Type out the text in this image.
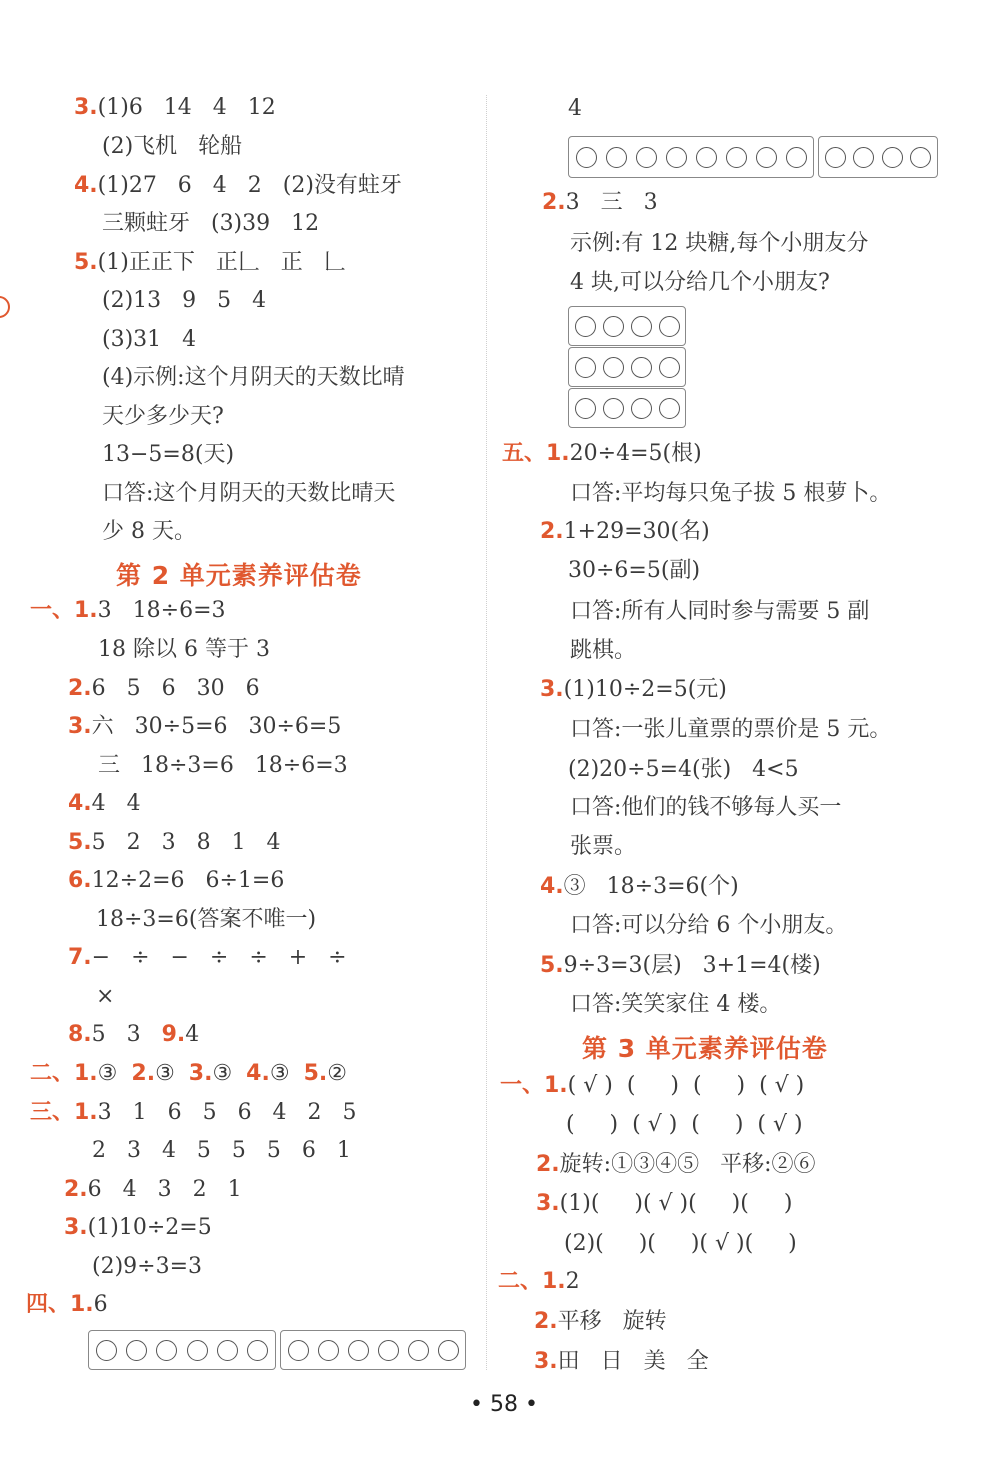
3.(1)6   14   4   12
(2)飞机   轮船
4.(1)27   6   4   2   (2)没有蛀牙
三颗蛀牙   (3)39   12
5.(1)正正下   正𠃊   正   𠃊
(2)13   9   5   4
(3)31   4
(4)示例:这个月阴天的天数比晴
天少多少天?
13−5=8(天)
口答:这个月阴天的天数比晴天
少 8 天。
第 2 单元素养评估卷
一、1.3   18÷6=3
18 除以 6 等于 3
2.6   5   6   30   6
3.六   30÷5=6   30÷6=5
三   18÷3=6   18÷6=3
4.4   4
5.5   2   3   8   1   4
6.12÷2=6   6÷1=6
18÷3=6(答案不唯一)
7.−   ÷   −   ÷   ÷   +   ÷
×
8.5   3   9.4
二、1.③  2.③  3.③  4.③  5.②
三、1.3   1   6   5   6   4   2   5
2   3   4   5   5   5   6   1
2.6   4   3   2   1
3.(1)10÷2=5
(2)9÷3=3
四、1.6
4
2.3   三   3
示例:有 12 块糖,每个小朋友分
4 块,可以分给几个小朋友?
五、1.20÷4=5(根)
口答:平均每只兔子拔 5 根萝卜。
2.1+29=30(名)
30÷6=5(副)
口答:所有人同时参与需要 5 副
跳棋。
3.(1)10÷2=5(元)
口答:一张儿童票的票价是 5 元。
(2)20÷5=4(张)   4<5
口答:他们的钱不够每人买一
张票。
4.③   18÷3=6(个)
口答:可以分给 6 个小朋友。
5.9÷3=3(层)   3+1=4(楼)
口答:笑笑家住 4 楼。
第 3 单元素养评估卷
一、1.( √ )  (     )  (     )  ( √ )
(     )  ( √ )  (     )  ( √ )
2.旋转:①③④⑤   平移:②⑥
3.(1)(     )( √ )(     )(     )
(2)(     )(     )( √ )(     )
二、1.2
2.平移   旋转
3.田   日   美   全
• 58 •
